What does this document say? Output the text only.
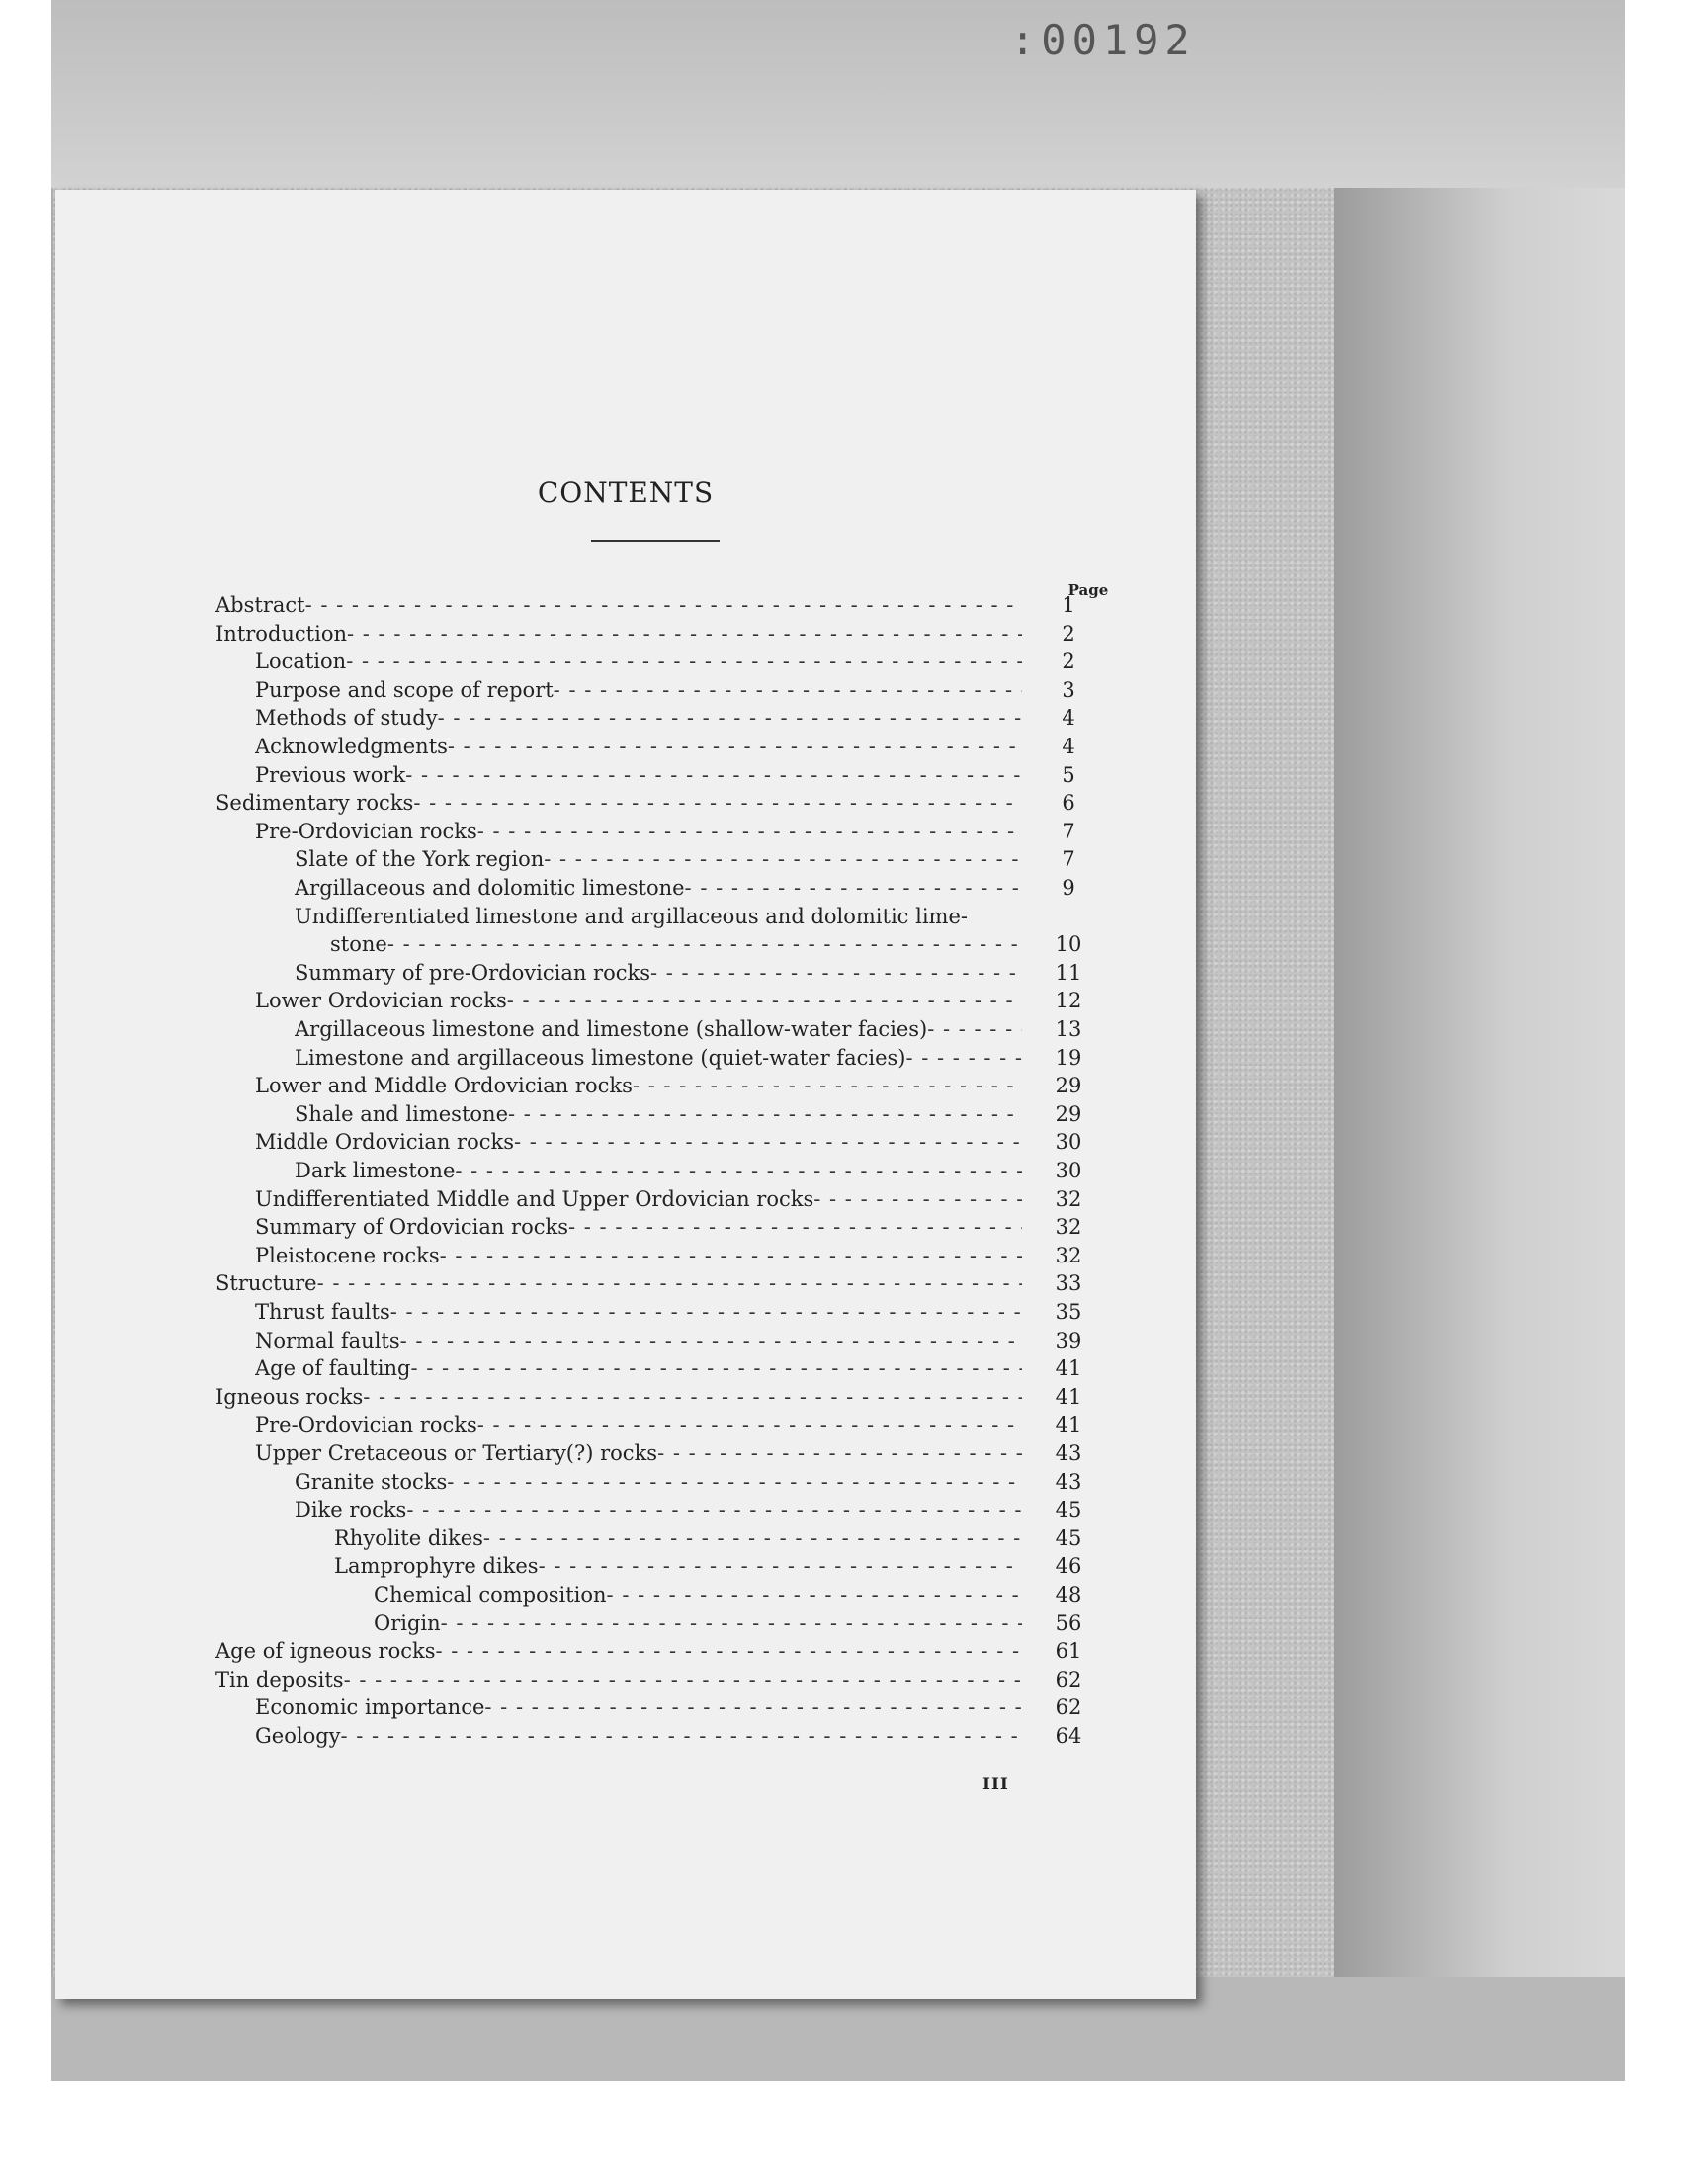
:00192
CONTENTS
Page
Abstract - - -	1
Introduction - - -	2
Location - - -	2
Purpose and scope of report - - -	3
Methods of study - - -	4
Acknowledgments - - -	4
Previous work - - -	5
Sedimentary rocks - - -	6
Pre-Ordovician rocks - - -	7
Slate of the York region - - -	7
Argillaceous and dolomitic limestone - - -	9
Undifferentiated limestone and argillaceous and dolomitic lime-
stone - - -	10
Summary of pre-Ordovician rocks - - -	11
Lower Ordovician rocks - - -	12
Argillaceous limestone and limestone (shallow-water facies) - - -	13
Limestone and argillaceous limestone (quiet-water facies) - - -	19
Lower and Middle Ordovician rocks - - -	29
Shale and limestone - - -	29
Middle Ordovician rocks - - -	30
Dark limestone - - -	30
Undifferentiated Middle and Upper Ordovician rocks - - -	32
Summary of Ordovician rocks - - -	32
Pleistocene rocks - - -	32
Structure - - -	33
Thrust faults - - -	35
Normal faults - - -	39
Age of faulting - - -	41
Igneous rocks - - -	41
Pre-Ordovician rocks - - -	41
Upper Cretaceous or Tertiary(?) rocks - - -	43
Granite stocks - - -	43
Dike rocks - - -	45
Rhyolite dikes - - -	45
Lamprophyre dikes - - -	46
Chemical composition - - -	48
Origin - - -	56
Age of igneous rocks - - -	61
Tin deposits - - -	62
Economic importance - - -	62
Geology - - -	64
III
